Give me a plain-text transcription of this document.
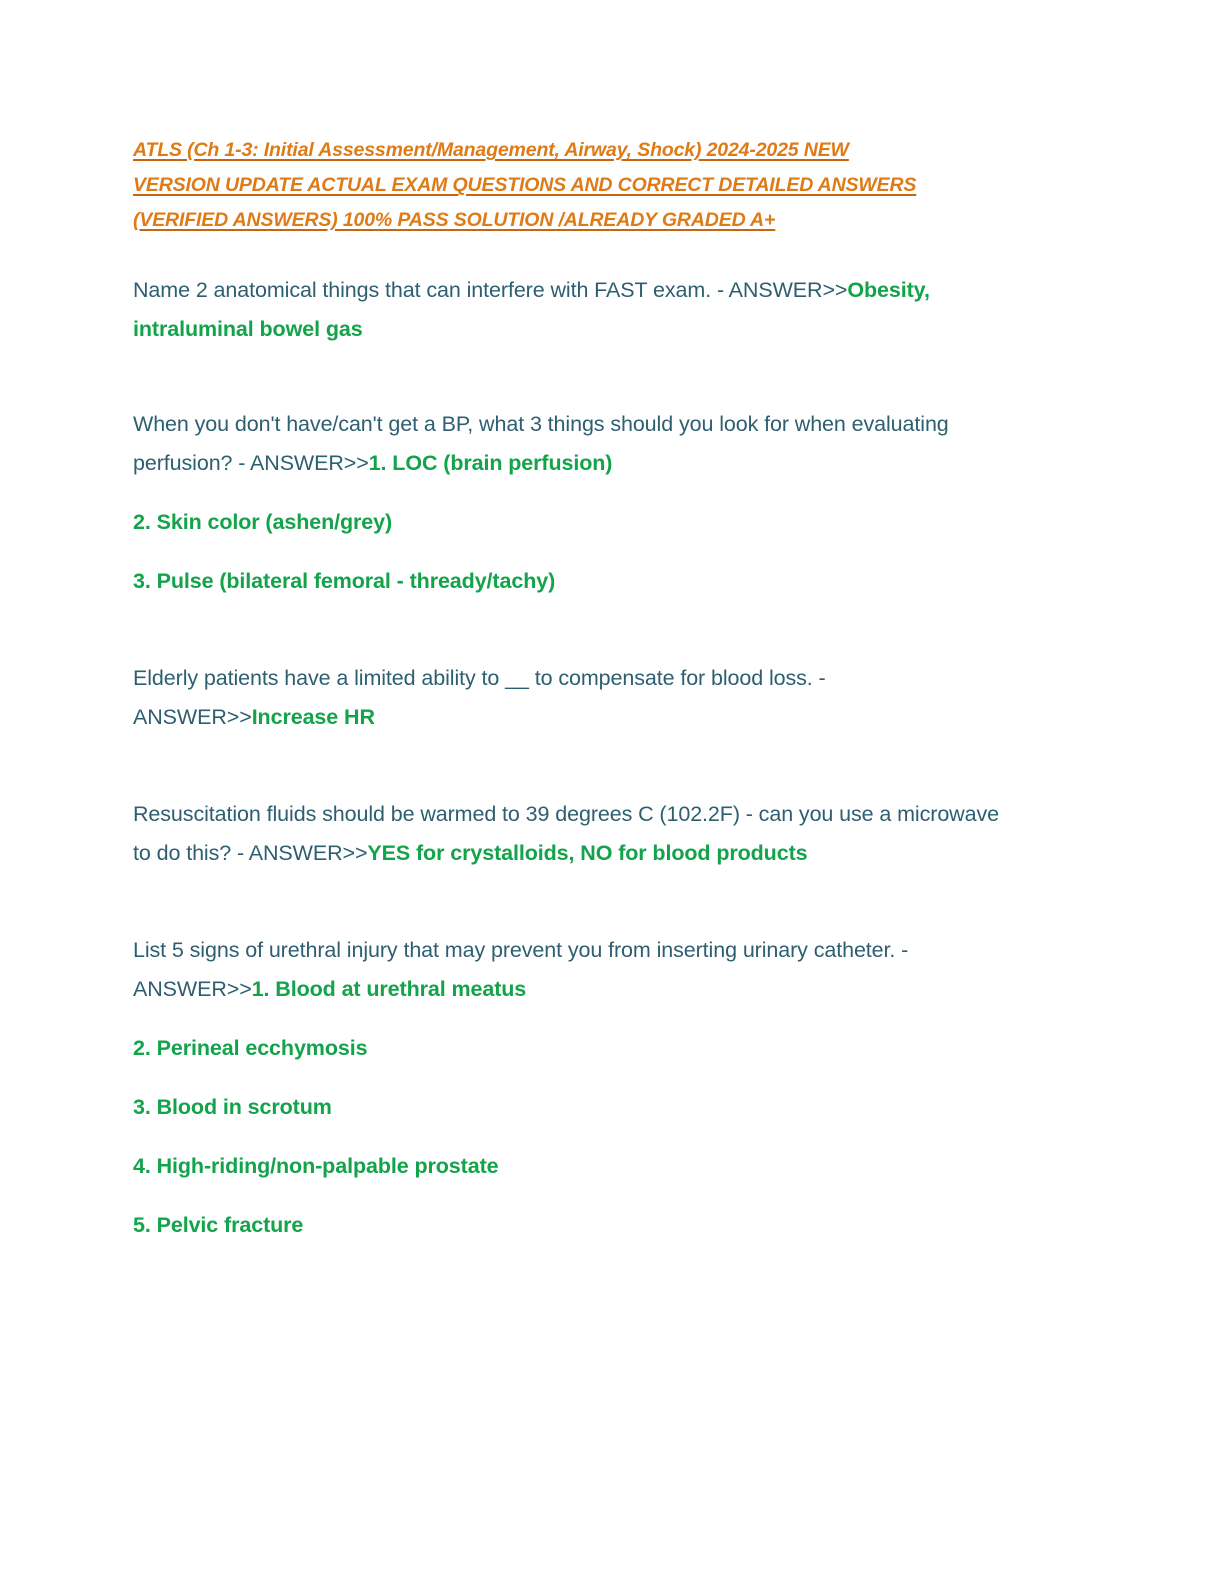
ATLS (Ch 1-3: Initial Assessment/Management, Airway, Shock) 2024-2025 NEW
VERSION UPDATE ACTUAL EXAM QUESTIONS AND CORRECT DETAILED ANSWERS
(VERIFIED ANSWERS) 100% PASS SOLUTION /ALREADY GRADED A+

Name 2 anatomical things that can interfere with FAST exam. - ANSWER>>Obesity, intraluminal bowel gas

When you don't have/can't get a BP, what 3 things should you look for when evaluating perfusion? - ANSWER>>1. LOC (brain perfusion)

2. Skin color (ashen/grey)

3. Pulse (bilateral femoral - thready/tachy)

Elderly patients have a limited ability to __ to compensate for blood loss. - ANSWER>>Increase HR

Resuscitation fluids should be warmed to 39 degrees C (102.2F) - can you use a microwave to do this? - ANSWER>>YES for crystalloids, NO for blood products

List 5 signs of urethral injury that may prevent you from inserting urinary catheter. - ANSWER>>1. Blood at urethral meatus

2. Perineal ecchymosis

3. Blood in scrotum

4. High-riding/non-palpable prostate

5. Pelvic fracture
